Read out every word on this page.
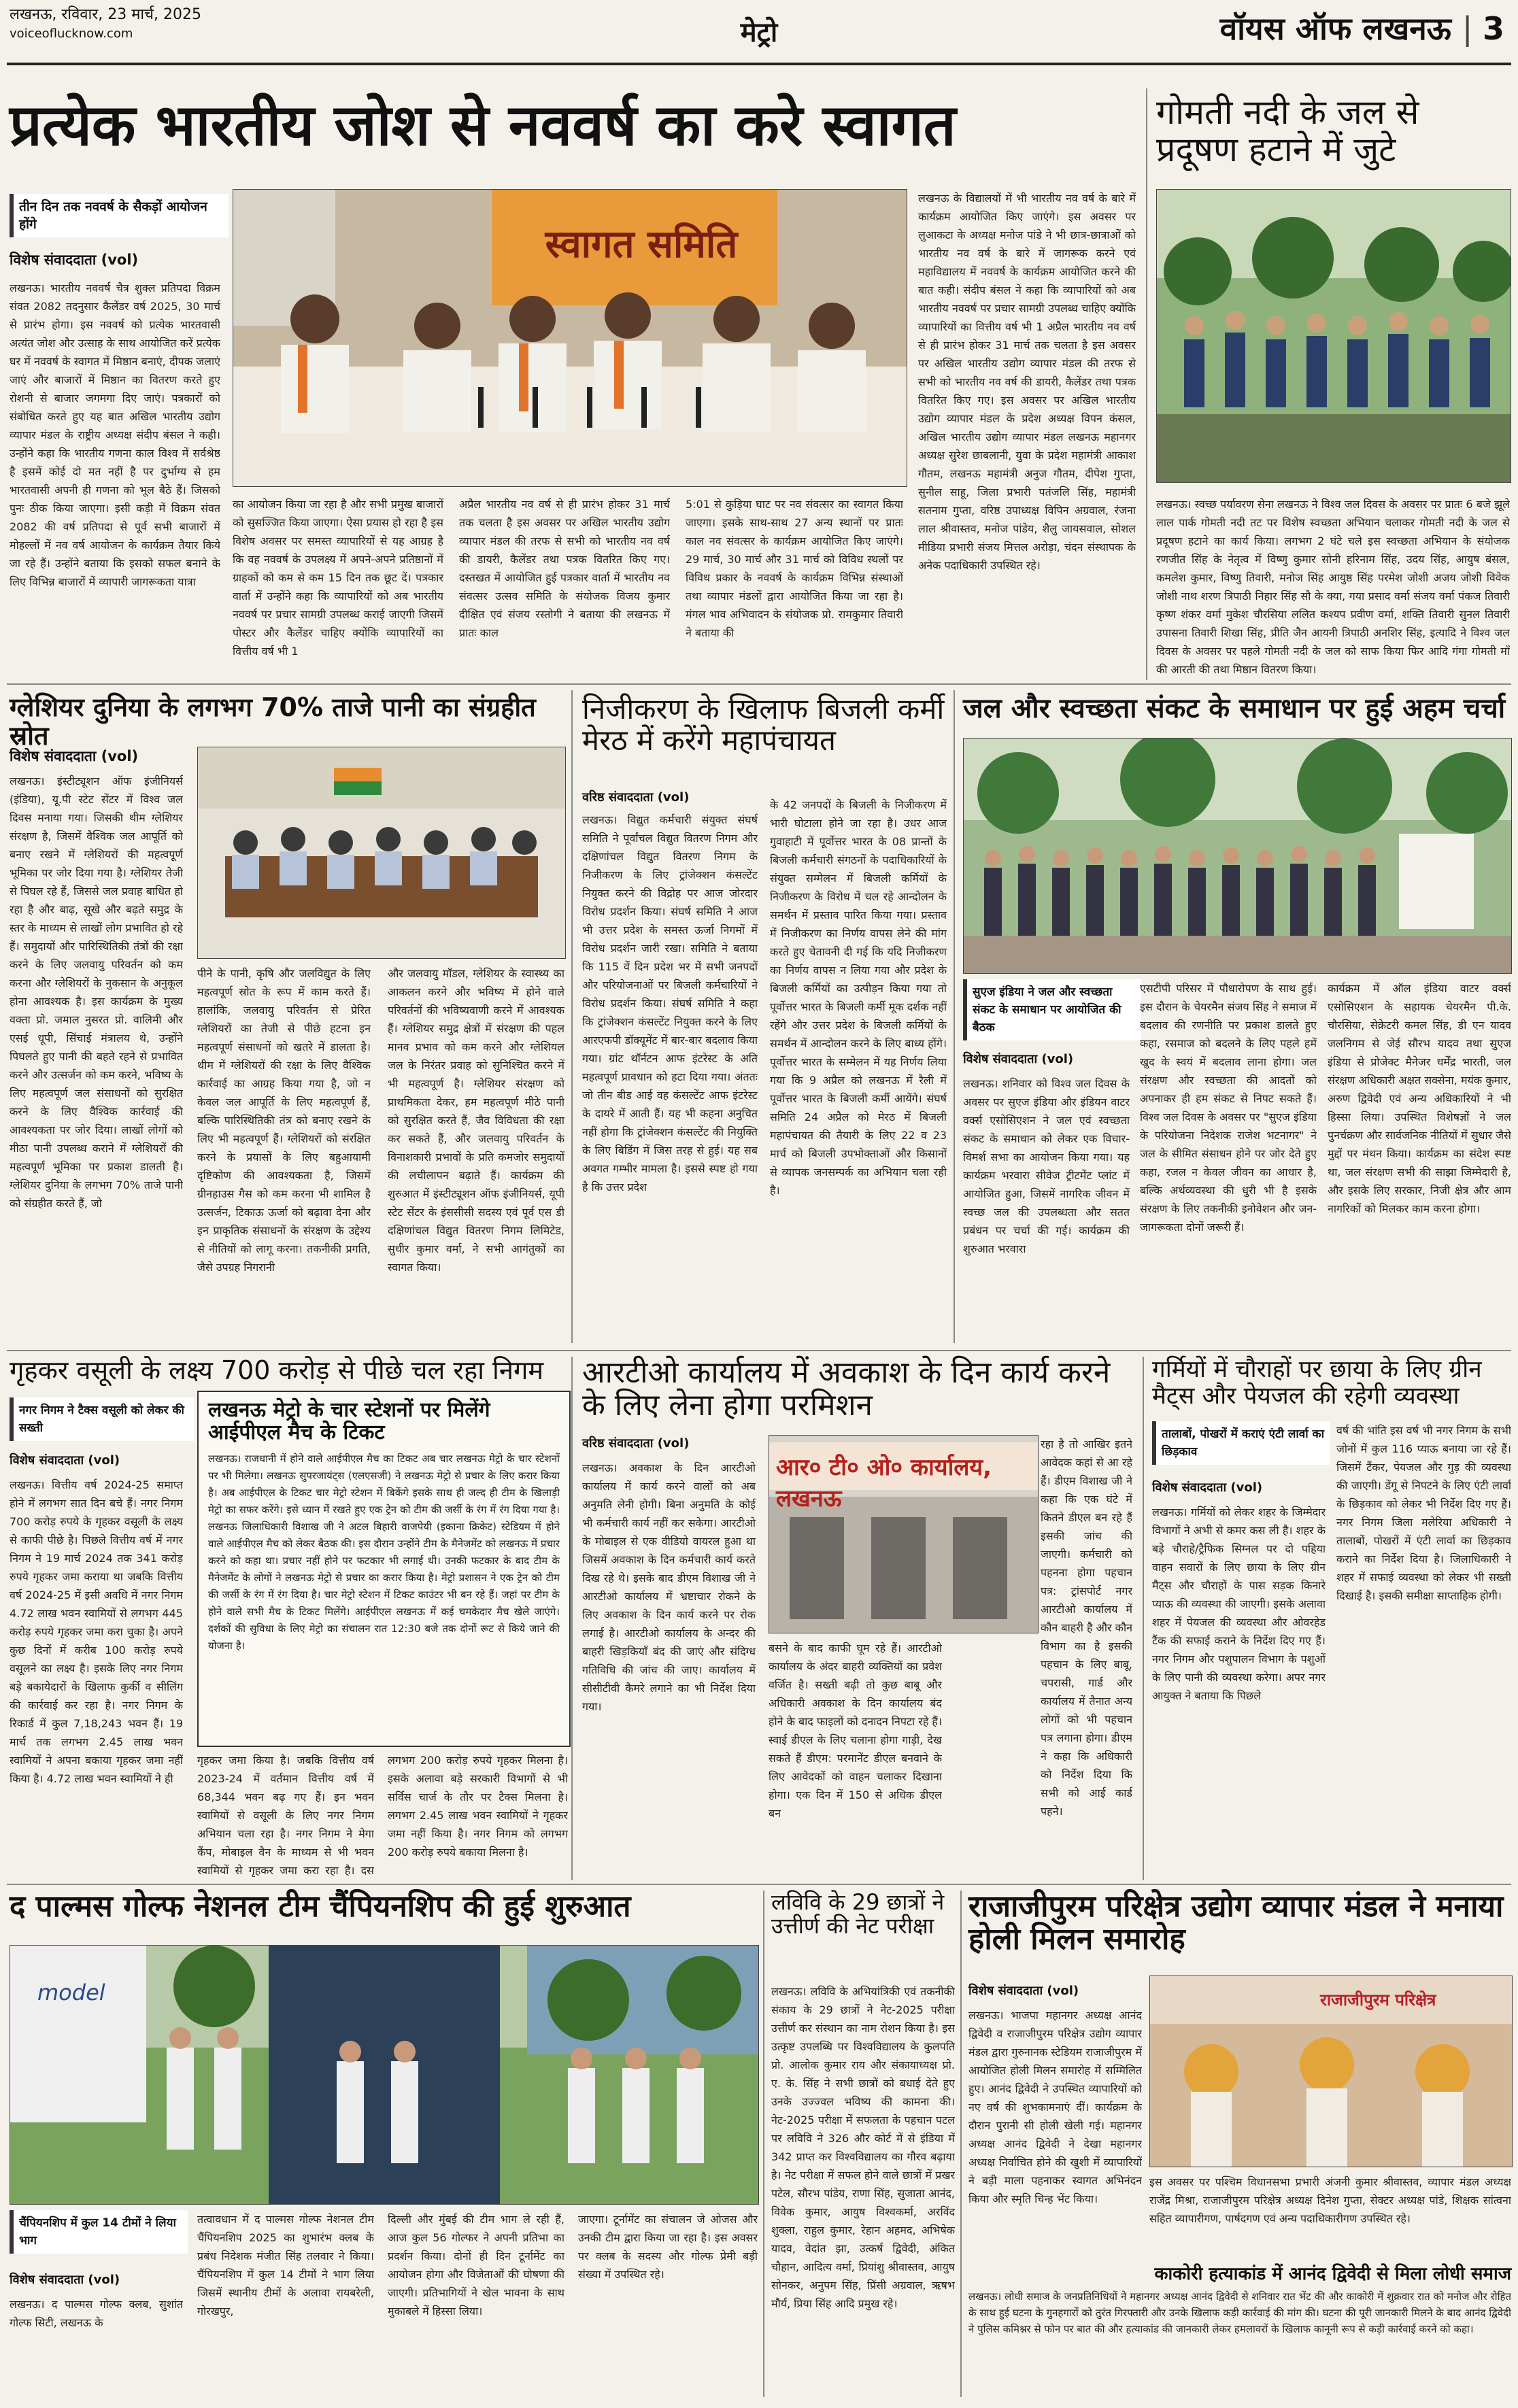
लखनऊ, रविवार, 23 मार्च, 2025
voiceoflucknow.com	मेट्रो	वॉयस ऑफ लखनऊ | 3
प्रत्येक भारतीय जोश से नववर्ष का करे स्वागत
तीन दिन तक नववर्ष के सैकड़ों आयोजन होंगे
विशेष संवाददाता (vol)
लखनऊ। भारतीय नववर्ष चैत्र शुक्ल प्रतिपदा विक्रम संवत 2082 तदनुसार कैलेंडर वर्ष 2025, 30 मार्च से प्रारंभ होगा। इस नववर्ष को प्रत्येक भारतवासी अत्यंत जोश और उत्साह के साथ आयोजित करें प्रत्येक घर में नववर्ष के स्वागत में मिष्ठान बनाएं, दीपक जलाएं जाएं और बाजारों में मिष्ठान का वितरण करते हुए रोशनी से बाजार जगमगा दिए जाएं। पत्रकारों को संबोधित करते हुए यह बात अखिल भारतीय उद्योग व्यापार मंडल के राष्ट्रीय अध्यक्ष संदीप बंसल ने कही। उन्होंने कहा कि भारतीय गणना काल विश्व में सर्वश्रेष्ठ है इसमें कोई दो मत नहीं है पर दुर्भाग्य से हम भारतवासी अपनी ही गणना को भूल बैठे हैं। जिसको पुनः ठीक किया जाएगा। इसी कड़ी में विक्रम संवत 2082 की वर्ष प्रतिपदा से पूर्व सभी बाजारों में मोहल्लों में नव वर्ष आयोजन के कार्यक्रम तैयार किये जा रहे हैं। उन्होंने बताया कि इसको सफल बनाने के लिए विभिन्न बाजारों में व्यापारी जागरूकता यात्रा
स्वागत समिति
का आयोजन किया जा रहा है और सभी प्रमुख बाजारों को सुसज्जित किया जाएगा। ऐसा प्रयास हो रहा है इस विशेष अवसर पर समस्त व्यापारियों से यह आग्रह है कि वह नववर्ष के उपलक्ष्य में अपने-अपने प्रतिष्ठानों में ग्राहकों को कम से कम 15 दिन तक छूट दें। पत्रकार वार्ता में उन्होंने कहा कि व्यापारियों को अब भारतीय नववर्ष पर प्रचार सामग्री उपलब्ध कराई जाएगी जिसमें पोस्टर और कैलेंडर चाहिए क्योंकि व्यापारियों का वित्तीय वर्ष भी 1
अप्रैल भारतीय नव वर्ष से ही प्रारंभ होकर 31 मार्च तक चलता है इस अवसर पर अखिल भारतीय उद्योग व्यापार मंडल की तरफ से सभी को भारतीय नव वर्ष की डायरी, कैलेंडर तथा पत्रक वितरित किए गए। दस्तखत में आयोजित हुई पत्रकार वार्ता में भारतीय नव संवत्सर उत्सव समिति के संयोजक विजय कुमार दीक्षित एवं संजय रस्तोगी ने बताया की लखनऊ में प्रातः काल
5:01 से कुड़िया घाट पर नव संवत्सर का स्वागत किया जाएगा। इसके साथ-साथ 27 अन्य स्थानों पर प्रातः काल नव संवत्सर के कार्यक्रम आयोजित किए जाएंगे। 29 मार्च, 30 मार्च और 31 मार्च को विविध स्थलों पर विविध प्रकार के नववर्ष के कार्यक्रम विभिन्न संस्थाओं तथा व्यापार मंडलों द्वारा आयोजित किया जा रहा है। मंगल भाव अभिवादन के संयोजक प्रो. रामकुमार तिवारी ने बताया की
लखनऊ के विद्यालयों में भी भारतीय नव वर्ष के बारे में कार्यक्रम आयोजित किए जाएंगे। इस अवसर पर लुआकटा के अध्यक्ष मनोज पांडे ने भी छात्र-छात्राओं को भारतीय नव वर्ष के बारे में जागरूक करने एवं महाविद्यालय में नववर्ष के कार्यक्रम आयोजित करने की बात कही। संदीप बंसल ने कहा कि व्यापारियों को अब भारतीय नववर्ष पर प्रचार सामग्री उपलब्ध चाहिए क्योंकि व्यापारियों का वित्तीय वर्ष भी 1 अप्रैल भारतीय नव वर्ष से ही प्रारंभ होकर 31 मार्च तक चलता है इस अवसर पर अखिल भारतीय उद्योग व्यापार मंडल की तरफ से सभी को भारतीय नव वर्ष की डायरी, कैलेंडर तथा पत्रक वितरित किए गए। इस अवसर पर अखिल भारतीय उद्योग व्यापार मंडल के प्रदेश अध्यक्ष विपन कंसल, अखिल भारतीय उद्योग व्यापार मंडल लखनऊ महानगर अध्यक्ष सुरेश छाबलानी, युवा के प्रदेश महामंत्री आकाश गौतम, लखनऊ महामंत्री अनुज गौतम, दीपेश गुप्ता, सुनील साहू, जिला प्रभारी पतंजलि सिंह, महामंत्री सतनाम गुप्ता, वरिष्ठ उपाध्यक्ष विपिन अग्रवाल, रंजना लाल श्रीवास्तव, मनोज पांडेय, शैलु जायसवाल, सोशल मीडिया प्रभारी संजय मित्तल अरोड़ा, चंदन संस्थापक के अनेक पदाधिकारी उपस्थित रहे।
गोमती नदी के जल से प्रदूषण हटाने में जुटे
लखनऊ। स्वच्छ पर्यावरण सेना लखनऊ ने विश्व जल दिवस के अवसर पर प्रातः 6 बजे झूले लाल पार्क गोमती नदी तट पर विशेष स्वच्छता अभियान चलाकर गोमती नदी के जल से प्रदूषण हटाने का कार्य किया। लगभग 2 घंटे चले इस स्वच्छता अभियान के संयोजक रणजीत सिंह के नेतृत्व में विष्णु कुमार सोनी हरिनाम सिंह, उदय सिंह, आयुष बंसल, कमलेश कुमार, विष्णु तिवारी, मनोज सिंह आयुष्ठ सिंह परमेश जोशी अजय जोशी विवेक जोशी नाथ शरण त्रिपाठी निहार सिंह सौ के क्या, गया प्रसाद वर्मा संजय वर्मा पंकज तिवारी कृष्ण शंकर वर्मा मुकेश चौरसिया ललित कश्यप प्रवीण वर्मा, शक्ति तिवारी सुनल तिवारी उपासना तिवारी शिखा सिंह, प्रीति जैन आयनी त्रिपाठी अनशिर सिंह, इत्यादि ने विश्व जल दिवस के अवसर पर पहले गोमती नदी के जल को साफ किया फिर आदि गंगा गोमती माँ की आरती की तथा मिष्ठान वितरण किया।
ग्लेशियर दुनिया के लगभग 70% ताजे पानी का संग्रहीत स्रोत
विशेष संवाददाता (vol)
लखनऊ। इंस्टीट्यूशन ऑफ इंजीनियर्स (इंडिया), यू.पी स्टेट सेंटर में विश्व जल दिवस मनाया गया। जिसकी थीम ग्लेशियर संरक्षण है, जिसमें वैश्विक जल आपूर्ति को बनाए रखने में ग्लेशियरों की महत्वपूर्ण भूमिका पर जोर दिया गया है। ग्लेशियर तेजी से पिघल रहे हैं, जिससे जल प्रवाह बाधित हो रहा है और बाढ़, सूखे और बढ़ते समुद्र के स्तर के माध्यम से लाखों लोग प्रभावित हो रहे हैं। समुदायों और पारिस्थितिकी तंत्रों की रक्षा करने के लिए जलवायु परिवर्तन को कम करना और ग्लेशियरों के नुकसान के अनुकूल होना आवश्यक है। इस कार्यक्रम के मुख्य वक्ता प्रो. जमाल नुसरत प्रो. वालिमी और एसई धूपी, सिंचाई मंत्रालय थे, उन्होंने पिघलते हुए पानी की बहते रहने से प्रभावित करने और उत्सर्जन को कम करने, भविष्य के लिए महत्वपूर्ण जल संसाधनों को सुरक्षित करने के लिए वैश्विक कार्रवाई की आवश्यकता पर जोर दिया। लाखों लोगों को मीठा पानी उपलब्ध कराने में ग्लेशियरों की महत्वपूर्ण भूमिका पर प्रकाश डालती है। ग्लेशियर दुनिया के लगभग 70% ताजे पानी को संग्रहीत करते हैं, जो
पीने के पानी, कृषि और जलविद्युत के लिए महत्वपूर्ण स्रोत के रूप में काम करते हैं। हालांकि, जलवायु परिवर्तन से प्रेरित ग्लेशियरों का तेजी से पीछे हटना इन महत्वपूर्ण संसाधनों को खतरे में डालता है। थीम में ग्लेशियरों की रक्षा के लिए वैश्विक कार्रवाई का आग्रह किया गया है, जो न केवल जल आपूर्ति के लिए महत्वपूर्ण हैं, बल्कि पारिस्थितिकी तंत्र को बनाए रखने के लिए भी महत्वपूर्ण हैं। ग्लेशियरों को संरक्षित करने के प्रयासों के लिए बहुआयामी दृष्टिकोण की आवश्यकता है, जिसमें ग्रीनहाउस गैस को कम करना भी शामिल है उत्सर्जन, टिकाऊ ऊर्जा को बढ़ावा देना और इन प्राकृतिक संसाधनों के संरक्षण के उद्देश्य से नीतियों को लागू करना। तकनीकी प्रगति, जैसे उपग्रह निगरानी
और जलवायु मॉडल, ग्लेशियर के स्वास्थ्य का आकलन करने और भविष्य में होने वाले परिवर्तनों की भविष्यवाणी करने में आवश्यक हैं। ग्लेशियर समुद्र क्षेत्रों में संरक्षण की पहल मानव प्रभाव को कम करने और ग्लेशियल जल के निरंतर प्रवाह को सुनिश्चित करने में भी महत्वपूर्ण है। ग्लेशियर संरक्षण को प्राथमिकता देकर, हम महत्वपूर्ण मीठे पानी को सुरक्षित करते हैं, जैव विविधता की रक्षा कर सकते हैं, और जलवायु परिवर्तन के विनाशकारी प्रभावों के प्रति कमजोर समुदायों की लचीलापन बढ़ाते हैं। कार्यक्रम की शुरुआत में इंस्टीट्यूशन ऑफ इंजीनियर्स, यूपी स्टेट सेंटर के इंससीसी सदस्य एवं पूर्व एस डी दक्षिणांचल विद्युत वितरण निगम लिमिटेड, सुधीर कुमार वर्मा, ने सभी आगंतुकों का स्वागत किया।
निजीकरण के खिलाफ बिजली कर्मी मेरठ में करेंगे महापंचायत
वरिष्ठ संवाददाता (vol)
लखनऊ। विद्युत कर्मचारी संयुक्त संघर्ष समिति ने पूर्वांचल विद्युत वितरण निगम और दक्षिणांचल विद्युत वितरण निगम के निजीकरण के लिए ट्रांजेक्शन कंसल्टेंट नियुक्त करने की विद्रोह पर आज जोरदार विरोध प्रदर्शन किया। संघर्ष समिति ने आज भी उत्तर प्रदेश के समस्त ऊर्जा निगमों में विरोध प्रदर्शन जारी रखा। समिति ने बताया कि 115 वें दिन प्रदेश भर में सभी जनपदों और परियोजनाओं पर बिजली कर्मचारियों ने विरोध प्रदर्शन किया। संघर्ष समिति ने कहा कि ट्रांजेक्शन कंसल्टेंट नियुक्त करने के लिए आरएफपी डॉक्यूमेंट में बार-बार बदलाव किया गया। ग्रांट थॉर्नटन आफ इंटरेस्ट के अति महत्वपूर्ण प्रावधान को हटा दिया गया। अंततः जो तीन बीड आई वह कंसल्टेंट आफ इंटरेस्ट के दायरे में आती हैं। यह भी कहना अनुचित नहीं होगा कि ट्रांजेक्शन कंसल्टेंट की नियुक्ति के लिए बिडिंग में जिस तरह से हुई। यह सब अवगत गम्भीर मामला है। इससे स्पष्ट हो गया है कि उत्तर प्रदेश
के 42 जनपदों के बिजली के निजीकरण में भारी घोटाला होने जा रहा है। उधर आज गुवाहाटी में पूर्वोत्तर भारत के 08 प्रान्तों के बिजली कर्मचारी संगठनों के पदाधिकारियों के संयुक्त सम्मेलन में बिजली कर्मियों के निजीकरण के विरोध में चल रहे आन्दोलन के समर्थन में प्रस्ताव पारित किया गया। प्रस्ताव में निजीकरण का निर्णय वापस लेने की मांग करते हुए चेतावनी दी गई कि यदि निजीकरण का निर्णय वापस न लिया गया और प्रदेश के बिजली कर्मियों का उत्पीड़न किया गया तो पूर्वोत्तर भारत के बिजली कर्मी मूक दर्शक नहीं रहेंगे और उत्तर प्रदेश के बिजली कर्मियों के समर्थन में आन्दोलन करने के लिए बाध्य होंगे। पूर्वोत्तर भारत के सम्मेलन में यह निर्णय लिया गया कि 9 अप्रैल को लखनऊ में रैली में पूर्वोत्तर भारत के बिजली कर्मी आयेंगे। संघर्ष समिति 24 अप्रैल को मेरठ में बिजली महापंचायत की तैयारी के लिए 22 व 23 मार्च को बिजली उपभोक्ताओं और किसानों से व्यापक जनसम्पर्क का अभियान चला रही है।
जल और स्वच्छता संकट के समाधान पर हुई अहम चर्चा
सुएज इंडिया ने जल और स्वच्छता संकट के समाधान पर आयोजित की बैठक
विशेष संवाददाता (vol)
लखनऊ। शनिवार को विश्व जल दिवस के अवसर पर सुएज इंडिया और इंडियन वाटर वर्क्स एसोसिएशन ने जल एवं स्वच्छता संकट के समाधान को लेकर एक विचार-विमर्श सभा का आयोजन किया गया। यह कार्यक्रम भरवारा सीवेज ट्रीटमेंट प्लांट में आयोजित हुआ, जिसमें नागरिक जीवन में स्वच्छ जल की उपलब्धता और सतत प्रबंधन पर चर्चा की गई। कार्यक्रम की शुरुआत भरवारा
एसटीपी परिसर में पौधारोपण के साथ हुई। इस दौरान के चेयरमैन संजय सिंह ने समाज में बदलाव की रणनीति पर प्रकाश डालते हुए कहा, रसमाज को बदलने के लिए पहले हमें खुद के स्वयं में बदलाव लाना होगा। जल संरक्षण और स्वच्छता की आदतों को अपनाकर ही हम संकट से निपट सकते हैं। विश्व जल दिवस के अवसर पर "सुएज इंडिया के परियोजना निदेशक राजेश भटनागर" ने जल के सीमित संसाधन होने पर जोर देते हुए कहा, रजल न केवल जीवन का आधार है, बल्कि अर्थव्यवस्था की धुरी भी है इसके संरक्षण के लिए तकनीकी इनोवेशन और जन-जागरूकता दोनों जरूरी हैं।
कार्यक्रम में ऑल इंडिया वाटर वर्क्स एसोसिएशन के सहायक चेयरमैन पी.के. चौरसिया, सेक्रेटरी कमल सिंह, डी एन यादव जलनिगम से जेई सौरभ यादव तथा सुएज इंडिया से प्रोजेक्ट मैनेजर धर्मेंद्र भारती, जल संरक्षण अधिकारी अक्षत सक्सेना, मयंक कुमार, अरुण द्विवेदी एवं अन्य अधिकारियों ने भी हिस्सा लिया। उपस्थित विशेषज्ञों ने जल पुनर्चक्रण और सार्वजनिक नीतियों में सुधार जैसे मुद्दों पर मंथन किया। कार्यक्रम का संदेश स्पष्ट था, जल संरक्षण सभी की साझा जिम्मेदारी है, और इसके लिए सरकार, निजी क्षेत्र और आम नागरिकों को मिलकर काम करना होगा।
गृहकर वसूली के लक्ष्य 700 करोड़ से पीछे चल रहा निगम
नगर निगम ने टैक्स वसूली को लेकर की सख्ती
विशेष संवाददाता (vol)
लखनऊ। वित्तीय वर्ष 2024-25 समाप्त होने में लगभग सात दिन बचे हैं। नगर निगम 700 करोड़ रुपये के गृहकर वसूली के लक्ष्य से काफी पीछे है। पिछले वित्तीय वर्ष में नगर निगम ने 19 मार्च 2024 तक 341 करोड़ रुपये गृहकर जमा कराया था जबकि वित्तीय वर्ष 2024-25 में इसी अवधि में नगर निगम 4.72 लाख भवन स्वामियों से लगभग 445 करोड़ रुपये गृहकर जमा करा चुका है। अपने कुछ दिनों में करीब 100 करोड़ रुपये वसूलने का लक्ष्य है। इसके लिए नगर निगम बड़े बकायेदारों के खिलाफ कुर्की व सीलिंग की कार्रवाई कर रहा है। नगर निगम के रिकार्ड में कुल 7,18,243 भवन हैं। 19 मार्च तक लगभग 2.45 लाख भवन स्वामियों ने अपना बकाया गृहकर जमा नहीं किया है। 4.72 लाख भवन स्वामियों ने ही
लखनऊ मेट्रो के चार स्टेशनों पर मिलेंगे आईपीएल मैच के टिकट
लखनऊ। राजधानी में होने वाले आईपीएल मैच का टिकट अब चार लखनऊ मेट्रो के चार स्टेशनों पर भी मिलेगा। लखनऊ सुपरजायंट्स (एलएसजी) ने लखनऊ मेट्रो से प्रचार के लिए करार किया है। अब आईपीएल के टिकट चार मेट्रो स्टेशन में बिकेंगे इसके साथ ही जल्द ही टीम के खिलाड़ी मेट्रो का सफर करेंगे। इसे ध्यान में रखते हुए एक ट्रेन को टीम की जर्सी के रंग में रंग दिया गया है। लखनऊ जिलाधिकारी विशाख जी ने अटल बिहारी वाजपेयी (इकाना क्रिकेट) स्टेडियम में होने वाले आईपीएल मैच को लेकर बैठक की। इस दौरान उन्होंने टीम के मैनेजमेंट को लखनऊ में प्रचार करने को कहा था। प्रचार नहीं होने पर फटकार भी लगाई थी। उनकी फटकार के बाद टीम के मैनेजमेंट के लोगों ने लखनऊ मेट्रो से प्रचार का करार किया है। मेट्रो प्रशासन ने एक ट्रेन को टीम की जर्सी के रंग में रंग दिया है। चार मेट्रो स्टेशन में टिकट काउंटर भी बन रहे हैं। जहां पर टीम के होने वाले सभी मैच के टिकट मिलेंगे। आईपीएल लखनऊ में कई चमकेदार मैच खेले जाएंगे। दर्शकों की सुविधा के लिए मेट्रो का संचालन रात 12:30 बजे तक दोनों रूट से किये जाने की योजना है।
गृहकर जमा किया है। जबकि वित्तीय वर्ष 2023-24 में वर्तमान वित्तीय वर्ष में 68,344 भवन बढ़ गए हैं। इन भवन स्वामियों से वसूली के लिए नगर निगम अभियान चला रहा है। नगर निगम ने मेगा कैंप, मोबाइल वैन के माध्यम से भी भवन स्वामियों से गृहकर जमा करा रहा है। दस
लगभग 200 करोड़ रुपये गृहकर मिलना है। इसके अलावा बड़े सरकारी विभागों से भी सर्विस चार्ज के तौर पर टैक्स मिलना है। लगभग 2.45 लाख भवन स्वामियों ने गृहकर जमा नहीं किया है। नगर निगम को लगभग 200 करोड़ रुपये बकाया मिलना है।
आरटीओ कार्यालय में अवकाश के दिन कार्य करने के लिए लेना होगा परमिशन
वरिष्ठ संवाददाता (vol)
लखनऊ। अवकाश के दिन आरटीओ कार्यालय में कार्य करने वालों को अब अनुमति लेनी होगी। बिना अनुमति के कोई भी कर्मचारी कार्य नहीं कर सकेगा। आरटीओ के मोबाइल से एक वीडियो वायरल हुआ था जिसमें अवकाश के दिन कर्मचारी कार्य करते दिख रहे थे। इसके बाद डीएम विशाख जी ने आरटीओ कार्यालय में भ्रष्टाचार रोकने के लिए अवकाश के दिन कार्य करने पर रोक लगाई है। आरटीओ कार्यालय के अन्दर की बाहरी खिड़कियाँ बंद की जाएं और संदिग्ध गतिविधि की जांच की जाए। कार्यालय में सीसीटीवी कैमरे लगाने का भी निर्देश दिया गया।
आर० टी० ओ० कार्यालय, लखनऊ
बसने के बाद काफी घूम रहे हैं। आरटीओ कार्यालय के अंदर बाहरी व्यक्तियों का प्रवेश वर्जित है। सख्ती बढ़ी तो कुछ बाबू और अधिकारी अवकाश के दिन कार्यालय बंद होने के बाद फाइलों को दनादन निपटा रहे हैं। स्वाई डीएल के लिए चलाना होगा गाड़ी, देख सकते हैं डीएम: परमानेंट डीएल बनवाने के लिए आवेदकों को वाहन चलाकर दिखाना होगा। एक दिन में 150 से अधिक डीएल बन
रहा है तो आखिर इतने आवेदक कहां से आ रहे हैं। डीएम विशाख जी ने कहा कि एक घंटे में कितने डीएल बन रहे हैं इसकी जांच की जाएगी। कर्मचारी को पहनना होगा पहचान पत्र: ट्रांसपोर्ट नगर आरटीओ कार्यालय में कौन बाहरी है और कौन विभाग का है इसकी पहचान के लिए बाबू, चपरासी, गार्ड और कार्यालय में तैनात अन्य लोगों को भी पहचान पत्र लगाना होगा। डीएम ने कहा कि अधिकारी को निर्देश दिया कि सभी को आई कार्ड पहने।
गर्मियों में चौराहों पर छाया के लिए ग्रीन मैट्स और पेयजल की रहेगी व्यवस्था
तालाबों, पोखरों में कराएं एंटी लार्वा का छिड़काव
विशेष संवाददाता (vol)
लखनऊ। गर्मियों को लेकर शहर के जिम्मेदार विभागों ने अभी से कमर कस ली है। शहर के बड़े चौराहे/ट्रैफिक सिग्नल पर दो पहिया वाहन सवारों के लिए छाया के लिए ग्रीन मैट्स और चौराहों के पास सड़क किनारे प्याऊ की व्यवस्था की जाएगी। इसके अलावा शहर में पेयजल की व्यवस्था और ओवरहेड टैंक की सफाई कराने के निर्देश दिए गए हैं। नगर निगम और पशुपालन विभाग के पशुओं के लिए पानी की व्यवस्था करेगा। अपर नगर आयुक्त ने बताया कि पिछले
वर्ष की भांति इस वर्ष भी नगर निगम के सभी जोनों में कुल 116 प्याऊ बनाया जा रहे हैं। जिसमें टैंकर, पेयजल और गुड़ की व्यवस्था की जाएगी। डेंगू से निपटने के लिए एंटी लार्वा के छिड़काव को लेकर भी निर्देश दिए गए हैं। नगर निगम जिला मलेरिया अधिकारी ने तालाबों, पोखरों में एंटी लार्वा का छिड़काव कराने का निर्देश दिया है। जिलाधिकारी ने शहर में सफाई व्यवस्था को लेकर भी सख्ती दिखाई है। इसकी समीक्षा साप्ताहिक होगी।
द पाल्मस गोल्फ नेशनल टीम चैंपियनशिप की हुई शुरुआत
model
चैंपियनशिप में कुल 14 टीमों ने लिया भाग
विशेष संवाददाता (vol)
लखनऊ। द पाल्मस गोल्फ क्लब, सुशांत गोल्फ सिटी, लखनऊ के
तत्वावधान में द पाल्मस गोल्फ नेशनल टीम चैंपियनशिप 2025 का शुभारंभ क्लब के प्रबंध निदेशक मंजीत सिंह तलवार ने किया। चैंपियनशिप में कुल 14 टीमों ने भाग लिया जिसमें स्थानीय टीमों के अलावा रायबरेली, गोरखपुर,
दिल्ली और मुंबई की टीम भाग ले रही हैं, आज कुल 56 गोल्फर ने अपनी प्रतिभा का प्रदर्शन किया। दोनों ही दिन टूर्नामेंट का आयोजन होगा और विजेताओं की घोषणा की जाएगी। प्रतिभागियों ने खेल भावना के साथ मुकाबले में हिस्सा लिया।
जाएगा। टूर्नामेंट का संचालन जे ओजस और उनकी टीम द्वारा किया जा रहा है। इस अवसर पर क्लब के सदस्य और गोल्फ प्रेमी बड़ी संख्या में उपस्थित रहे।
लविवि के 29 छात्रों ने उत्तीर्ण की नेट परीक्षा
लखनऊ। लविवि के अभियांत्रिकी एवं तकनीकी संकाय के 29 छात्रों ने नेट-2025 परीक्षा उत्तीर्ण कर संस्थान का नाम रोशन किया है। इस उत्कृष्ट उपलब्धि पर विश्वविद्यालय के कुलपति प्रो. आलोक कुमार राय और संकायाध्यक्ष प्रो. ए. के. सिंह ने सभी छात्रों को बधाई देते हुए उनके उज्ज्वल भविष्य की कामना की। नेट-2025 परीक्षा में सफलता के पहचान पटल पर लविवि ने 326 और कोर्ट में से इंडिया में 342 प्राप्त कर विश्वविद्यालय का गौरव बढ़ाया है। नेट परीक्षा में सफल होने वाले छात्रों में प्रखर पटेल, सौरभ पांडेय, राणा सिंह, सुजाता आनंद, विवेक कुमार, आयुष विश्वकर्मा, अरविंद शुक्ला, राहुल कुमार, रेहान अहमद, अभिषेक यादव, वेदांत झा, उत्कर्ष द्विवेदी, अंकित चौहान, आदित्य वर्मा, प्रियांशु श्रीवास्तव, आयुष सोनकर, अनुपम सिंह, प्रिंसी अग्रवाल, ऋषभ मौर्य, प्रिया सिंह आदि प्रमुख रहे।
राजाजीपुरम परिक्षेत्र उद्योग व्यापार मंडल ने मनाया होली मिलन समारोह
विशेष संवाददाता (vol)
लखनऊ। भाजपा महानगर अध्यक्ष आनंद द्विवेदी व राजाजीपुरम परिक्षेत्र उद्योग व्यापार मंडल द्वारा गुरुनानक स्टेडियम राजाजीपुरम में आयोजित होली मिलन समारोह में सम्मिलित हुए। आनंद द्विवेदी ने उपस्थित व्यापारियों को नए वर्ष की शुभकामनाएं दीं। कार्यक्रम के दौरान पुरानी सी होली खेली गई। महानगर अध्यक्ष आनंद द्विवेदी ने देखा महानगर अध्यक्ष निर्वाचित होने की खुशी में व्यापारियों ने बड़ी माला पहनाकर स्वागत अभिनंदन किया और स्मृति चिन्ह भेंट किया।
राजाजीपुरम परिक्षेत्र
इस अवसर पर पश्चिम विधानसभा प्रभारी अंजनी कुमार श्रीवास्तव, व्यापार मंडल अध्यक्ष राजेंद्र मिश्रा, राजाजीपुरम परिक्षेत्र अध्यक्ष दिनेश गुप्ता, सेक्टर अध्यक्ष पांडे, शिक्षक सांत्वना सहित व्यापारीगण, पार्षदगण एवं अन्य पदाधिकारीगण उपस्थित रहे।
काकोरी हत्याकांड में आनंद द्विवेदी से मिला लोधी समाज
लखनऊ। लोधी समाज के जनप्रतिनिधियों ने महानगर अध्यक्ष आनंद द्विवेदी से शनिवार रात भेंट की और काकोरी में शुक्रवार रात को मनोज और रोहित के साथ हुई घटना के गुनहगारों को तुरंत गिरफ्तारी और उनके खिलाफ कड़ी कार्रवाई की मांग की। घटना की पूरी जानकारी मिलने के बाद आनंद द्विवेदी ने पुलिस कमिश्नर से फोन पर बात की और हत्याकांड की जानकारी लेकर हमलावरों के खिलाफ कानूनी रूप से कड़ी कार्रवाई करने को कहा।
